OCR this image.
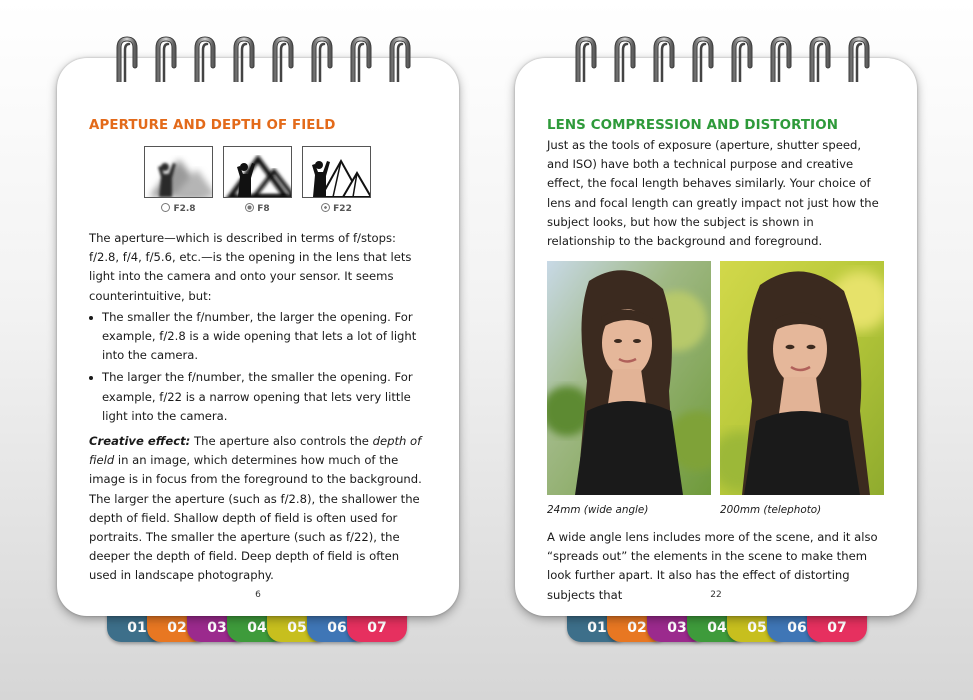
APERTURE AND DEPTH OF FIELD
F2.8	F8	F22

The aperture—which is described in terms of f/stops: f/2.8, f/4, f/5.6, etc.—is the opening in the lens that lets light into the camera and onto your sensor. It seems counterintuitive, but:

The smaller the f/number, the larger the opening. For example, f/2.8 is a wide opening that lets a lot of light into the camera.
The larger the f/number, the smaller the opening. For example, f/22 is a narrow opening that lets very little light into the camera.

Creative effect: The aperture also controls the depth of field in an image, which determines how much of the image is in focus from the foreground to the background. The larger the aperture (such as f/2.8), the shallower the depth of field. Shallow depth of field is often used for portraits. The smaller the aperture (such as f/22), the deeper the depth of field. Deep depth of field is often used in landscape photography.

6
LENS COMPRESSION AND DISTORTION
Just as the tools of exposure (aperture, shutter speed, and ISO) have both a technical purpose and creative effect, the focal length behaves similarly. Your choice of lens and focal length can greatly impact not just how the subject looks, but how the subject is shown in relationship to the background and foreground.
24mm (wide angle)	200mm (telephoto)
A wide angle lens includes more of the scene, and it also “spreads out” the elements in the scene to make them look further apart. It also has the effect of distorting subjects that	22
01	02	03	04	05	06	07	01	02	03	04	05	06	07
